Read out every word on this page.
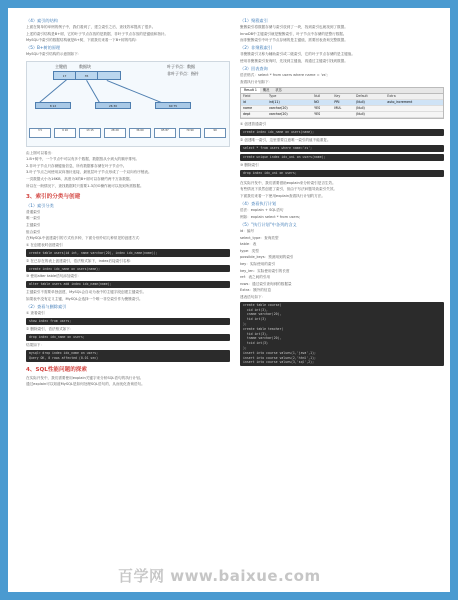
（4）索引的结构

上面在简单的举例的例子中，我们看到了，建立索引之后，查找效率提高了很多。

上述的索引结构是B+树，它的叶子节点存放的是数据，非叶子节点存放的是键值和指针。

MySQL中索引的数据结构就是B+树，下面我们来看一下B+树的结构：

（5）B+树的原理

MySQL中索引结构的示意图如下：

主键值	数据块	叶子节点：数据
非叶子节点：指针
17	35
8 12	26 30	60 75
3 5	9 10	13 15	28 29	36 60	65 87	79 90	99

由上图可以看出：

1.B+树中，一个节点中可以有多个数据，数据按从小到大的顺序排列。

2.非叶子节点只存储键值信息，所有数据都存储在叶子节点中。

3.叶子节点之间使用双向指针连接，最底层叶子节点形成了一个双向有序链表。

一页数据大小为16KB，高度为3的B+树可以存储约两千万条数据。

所以在一般情况下，查找数据时只需要1-3次IO操作就可以找到所需数据。

3、索引的分类与创建
（1）索引分类

普通索引

唯一索引

主键索引

组合索引

在MySQL中创建索引的方式有多种，下面分别介绍几种常见的创建方式：

① 在创建表时创建索引

create table users(id int, name varchar(20), index idx_name(name));

② 在已存在的表上创建索引，语法格式如下，index后接索引名称：

create index idx_name on users(name);

③ 使用alter table语句添加索引：

alter table users add index idx_name(name);

主键索引不需要单独创建，MySQL会自动为表中的主键字段创建主键索引。

如果表中没有定义主键，MySQL会选择一个唯一非空索引作为聚簇索引。

（2）查看与删除索引

① 查看索引

show index from users;

② 删除索引，语法格式如下：

drop index idx_name on users;

结果如下：

mysql> drop index idx_name on users;
Query OK, 0 rows affected (0.01 sec)
4、SQL性能问题的探索

在实际开发中，我们需要使用explain关键字来分析SQL语句的执行计划。

通过explain可以知道MySQL是如何处理SQL语句的，从而优化查询语句。

（1）聚簇索引

聚簇索引将数据存储与索引放到了一块，找到索引也就找到了数据。

InnoDB中主键索引就是聚簇索引，叶子节点中存储的是整行数据。

而非聚簇索引中叶子节点存储的是主键值，需要回表查询完整数据。

（2）非聚簇索引

非聚簇索引又称为辅助索引或二级索引，它的叶子节点存储的是主键值。

使用非聚簇索引查询时，先找到主键值，再通过主键索引找到数据。

（3）回表查询

语法格式：select * from users where name = 'zs';

查看执行计划如下：

Result 1	概况	状态
Field	Type	Null	Key	Default	Extra
id	int(11)	NO	PRI	(Null)	auto_increment
name	varchar(20)	YES	MUL	(Null)	
dept	varchar(20)	YES		(Null)	

① 创建普通索引

create index idx_name on users(name);

② 创建唯一索引，这里需要注意唯一索引的值不能重复。

select * from users where name='zs';
create unique index idx_uni on users(name);

③ 删除索引

drop index idx_uni on users;

在实际开发中，我们需要借助explain来分析索引是否生效。

有些情况下虽然创建了索引，但由于写法问题导致索引失效。

下面我们来看一下使用explain查看执行计划的方法。

（4）查看执行计划

语法：explain + SQL语句

例如：explain select * from users;

（5）"执行计划"中各列的含义

id：编号

select_type：查询类型

table：表

type：类型

possible_keys：预测用到的索引

key：实际使用的索引

key_len：实际使用索引的长度

ref：表之间的引用

rows：通过索引查询到的数据量

Extra：额外的信息

建表语句如下：

create table course(
cid int(3),
cname varchar(20),
tid int(3)
);
create table teacher(
tid int(3),
tname varchar(20),
tcid int(3)
);
insert into course values(1,'java',1);
insert into course values(2,'html',1);
insert into course values(3,'sql',2);
百学网 www.baixue.com
